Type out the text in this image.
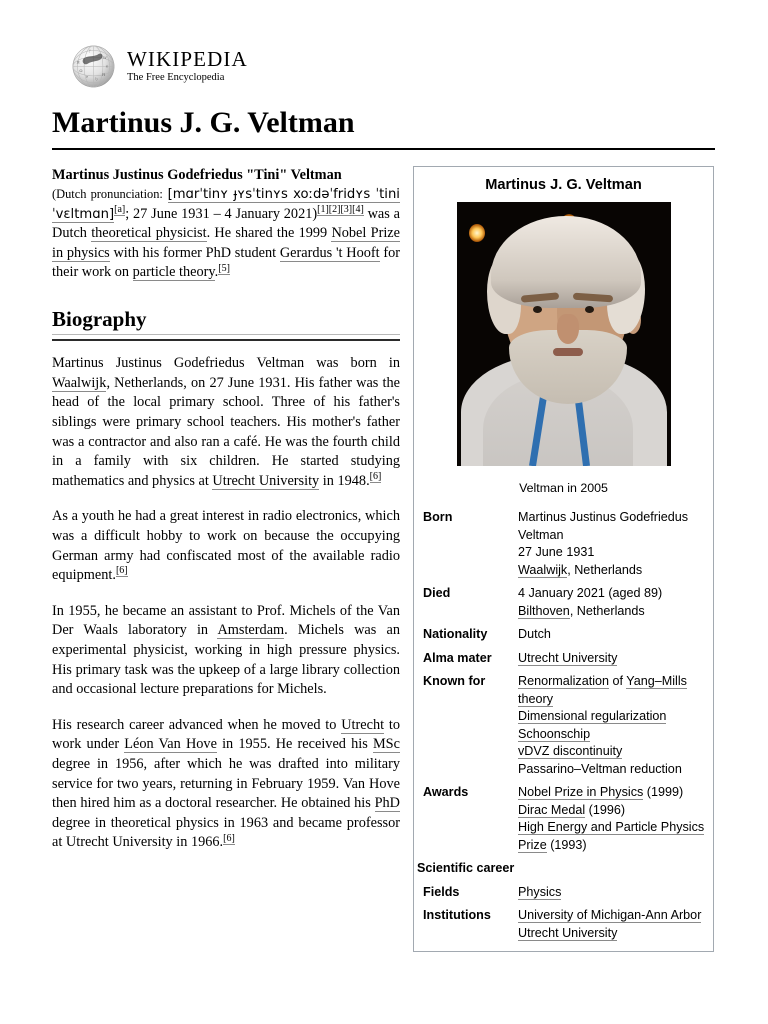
Я
Ω
ת
り
Ħ
א
W
ᚠ WIKIPEDIA
The Free Encyclopedia
Martinus J. G. Veltman
Martinus J. G. Veltman
Veltman in 2005
Born	Martinus Justinus Godefriedus
Veltman
27 June 1931
Waalwijk, Netherlands

Died	4 January 2021 (aged 89)
Bilthoven, Netherlands

Nationality	Dutch

Alma mater	Utrecht University

Known for	Renormalization of Yang–Mills theory
Dimensional regularization
Schoonschip
vDVZ discontinuity
Passarino–Veltman reduction

Awards	Nobel Prize in Physics (1999)
Dirac Medal (1996)
High Energy and Particle Physics Prize (1993)

Scientific career	
Fields	Physics

Institutions	University of Michigan-Ann Arbor
Utrecht University

Martinus Justinus Godefriedus "Tini" Veltman
(Dutch pronunciation: [mɑrˈtinʏ ɟʏsˈtinʏs xoːdəˈfridʏs ˈtini ˈvɛltmɑn][a]; 27 June 1931 – 4 January 2021)[1][2][3][4] was a Dutch theoretical physicist. He shared the 1999 Nobel Prize in physics with his former PhD student Gerardus 't Hooft for their work on particle theory.[5]

Biography

Martinus Justinus Godefriedus Veltman was born in Waalwijk, Netherlands, on 27 June 1931. His father was the head of the local primary school. Three of his father's siblings were primary school teachers. His mother's father was a contractor and also ran a café. He was the fourth child in a family with six children. He started studying mathematics and physics at Utrecht University in 1948.[6]

As a youth he had a great interest in radio electronics, which was a difficult hobby to work on because the occupying German army had confiscated most of the available radio equipment.[6]

In 1955, he became an assistant to Prof. Michels of the Van Der Waals laboratory in Amsterdam. Michels was an experimental physicist, working in high pressure physics. His primary task was the upkeep of a large library collection and occasional lecture preparations for Michels.

His research career advanced when he moved to Utrecht to work under Léon Van Hove in 1955. He received his MSc degree in 1956, after which he was drafted into military service for two years, returning in February 1959. Van Hove then hired him as a doctoral researcher. He obtained his PhD degree in theoretical physics in 1963 and became professor at Utrecht University in 1966.[6]
